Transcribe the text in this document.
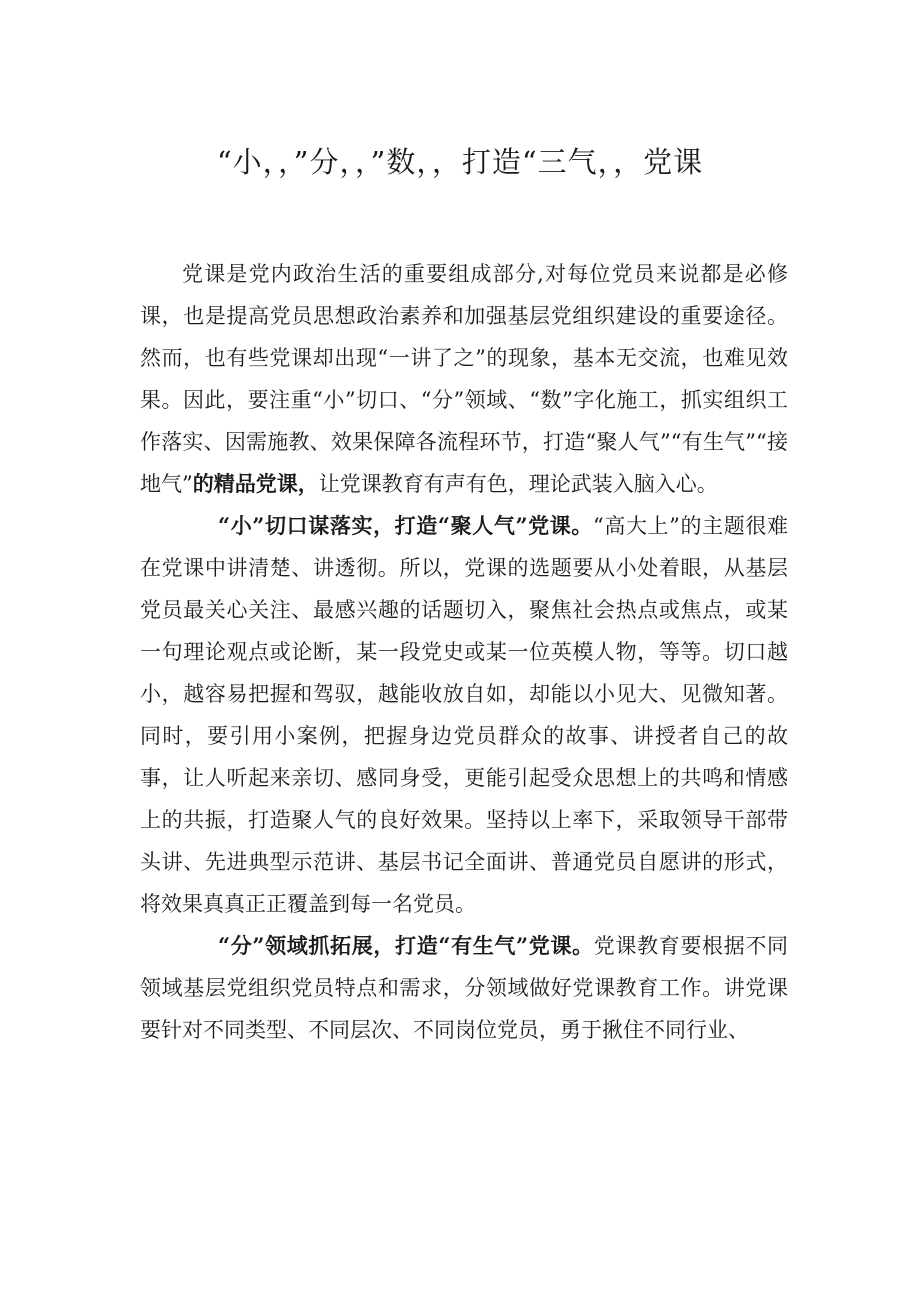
“小，，”分，，”数，，打造“三气，，党课

党课是党内政治生活的重要组成部分,对每位党员来说都是必修课，也是提高党员思想政治素养和加强基层党组织建设的重要途径。然而，也有些党课却出现“一讲了之”的现象，基本无交流，也难见效果。因此，要注重“小”切口、“分”领域、“数”字化施工，抓实组织工作落实、因需施教、效果保障各流程环节，打造“聚人气”“有生气”“接地气”的精品党课，让党课教育有声有色，理论武装入脑入心。

“小”切口谋落实，打造“聚人气”党课。“高大上”的主题很难在党课中讲清楚、讲透彻。所以，党课的选题要从小处着眼，从基层党员最关心关注、最感兴趣的话题切入，聚焦社会热点或焦点，或某一句理论观点或论断，某一段党史或某一位英模人物，等等。切口越小，越容易把握和驾驭，越能收放自如，却能以小见大、见微知著。同时，要引用小案例，把握身边党员群众的故事、讲授者自己的故事，让人听起来亲切、感同身受，更能引起受众思想上的共鸣和情感上的共振，打造聚人气的良好效果。坚持以上率下，采取领导干部带头讲、先进典型示范讲、基层书记全面讲、普通党员自愿讲的形式，将效果真真正正覆盖到每一名党员。

“分”领域抓拓展，打造“有生气”党课。党课教育要根据不同领域基层党组织党员特点和需求，分领域做好党课教育工作。讲党课要针对不同类型、不同层次、不同岗位党员，勇于揪住不同行业、
